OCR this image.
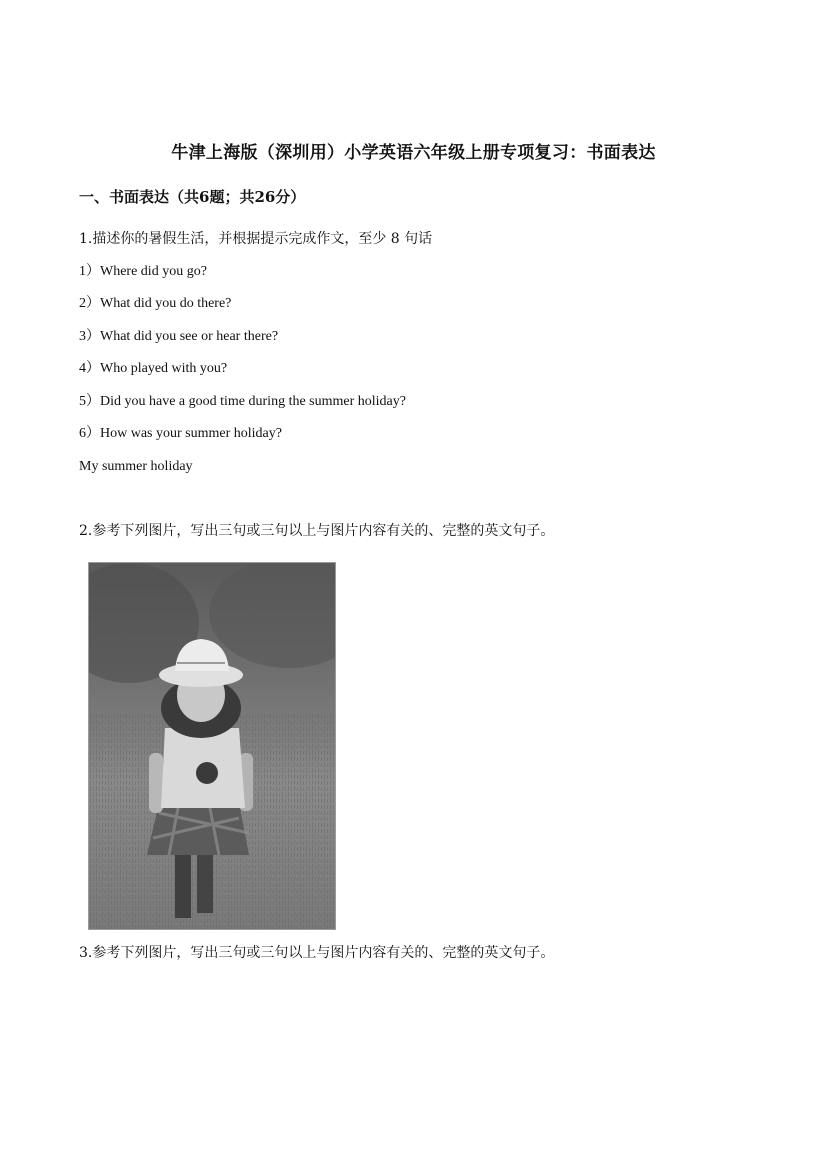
牛津上海版（深圳用）小学英语六年级上册专项复习：书面表达
一、书面表达（共6题；共26分）
1.描述你的暑假生活，并根据提示完成作文，至少 8 句话
1）Where did you go?
2）What did you do there?
3）What did you see or hear there?
4）Who played with you?
5）Did you have a good time during the summer holiday?
6）How was your summer holiday?
My summer holiday
2.参考下列图片，写出三句或三句以上与图片内容有关的、完整的英文句子。
3.参考下列图片，写出三句或三句以上与图片内容有关的、完整的英文句子。
